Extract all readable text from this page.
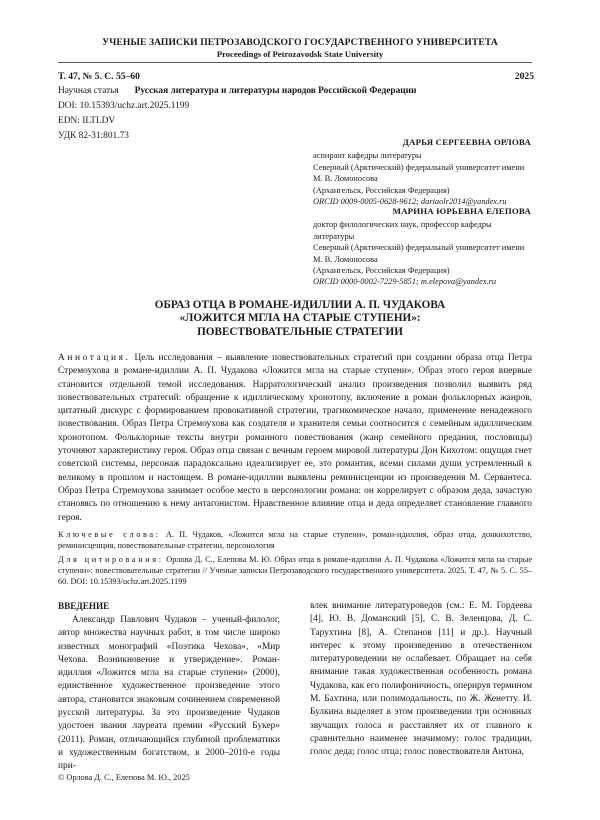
УЧЕНЫЕ ЗАПИСКИ ПЕТРОЗАВОДСКОГО ГОСУДАРСТВЕННОГО УНИВЕРСИТЕТА
Proceedings of Petrozavodsk State University
Т. 47, № 5. С. 55–60	2025
Научная статья Русская литература и литературы народов Российской Федерации
DOI: 10.15393/uchz.art.2025.1199
EDN: ILTLDV
УДК 82-31:801.73
ДАРЬЯ СЕРГЕЕВНА ОРЛОВА
аспирант кафедры литературы
Северный (Арктический) федеральный университет имени М. В. Ломоносова
(Архангельск, Российская Федерация)
ORCID 0009-0005-0628-9612; dariaolr2014@yandex.ru
МАРИНА ЮРЬЕВНА ЕЛЕПОВА
доктор филологических наук, профессор кафедры литературы
Северный (Арктический) федеральный университет имени М. В. Ломоносова
(Архангельск, Российская Федерация)
ORCID 0000-0002-7229-5851; m.elepova@yandex.ru
ОБРАЗ ОТЦА В РОМАНЕ-ИДИЛЛИИ А. П. ЧУДАКОВА
«ЛОЖИТСЯ МГЛА НА СТАРЫЕ СТУПЕНИ»:
ПОВЕСТВОВАТЕЛЬНЫЕ СТРАТЕГИИ
Аннотация. Цель исследования – выявление повествовательных стратегий при создании образа отца Петра Стремоухова в романе-идиллии А. П. Чудакова «Ложится мгла на старые ступени». Образ этого героя впервые становится отдельной темой исследования. Нарратологический анализ произведения позволил выявить ряд повествовательных стратегий: обращение к идиллическому хронотопу, включение в роман фольклорных жанров, цитатный дискурс с формированием провокативной стратегии, трагикомическое начало, применение ненадежного повествования. Образ Петра Стремоухова как создателя и хранителя семьи соотносится с семейным идиллическим хронотопом. Фольклорные тексты внутри романного повествования (жанр семейного предания, пословицы) уточняют характеристику героя. Образ отца связан с вечным героем мировой литературы Дон Кихотом: ощущая гнет советской системы, персонаж парадоксально идеализирует ее, это романтик, всеми силами души устремленный к великому в прошлом и настоящем. В романе-идиллии выявлены реминисценции из произведения М. Сервантеса. Образ Петра Стремоухова занимает особое место в персонологии романа: он коррелирует с образом деда, зачастую становясь по отношению к нему антагонистом. Нравственное влияние отца и деда определяет становление главного героя.
Ключевые слова: А. П. Чудаков, «Ложится мгла на старые ступени», роман-идиллия, образ отца, донкихотство, реминисценция, повествовательные стратегии, персонология
Для цитирования: Орлова Д. С., Елепова М. Ю. Образ отца в романе-идиллии А. П. Чудакова «Ложится мгла на старые ступени»: повествовательные стратегии // Ученые записки Петрозаводского государственного университета. 2025. Т. 47, № 5. С. 55–60. DOI: 10.15393/uchz.art.2025.1199
ВВЕДЕНИЕ

Александр Павлович Чудаков – ученый-филолог, автор множества научных работ, в том числе широко известных монографий «Поэтика Чехова», «Мир Чехова. Возникновение и утверждение». Роман-идиллия «Ложится мгла на старые ступени» (2000), единственное художественное произведение этого автора, становится знаковым сочинением современной русской литературы. За это произведение Чудаков удостоен звания лауреата премии «Русский Букер» (2011). Роман, отличающийся глубиной проблематики и художественным богатством, в 2000–2010-е годы при-

влек внимание литературоведов (см.: Е. М. Гордеева [4], Ю. В. Доманский [5], С. В. Зеленцова, Д. С. Тарухтина [8], А. Степанов [11] и др.). Научный интерес к этому произведению в отечественном литературоведении не ослабевает. Обращает на себя внимание такая художественная особенность романа Чудакова, как его полифоничность, оперируя термином М. Бахтина, или полимодальность, по Ж. Женетту. И. Булкина выделяет в этом произведении три основных звучащих голоса и расставляет их от главного к сравнительно наименее значимому: голос традиции, голос деда; голос отца; голос повествователя Антона,

© Орлова Д. С., Елепова М. Ю., 2025
